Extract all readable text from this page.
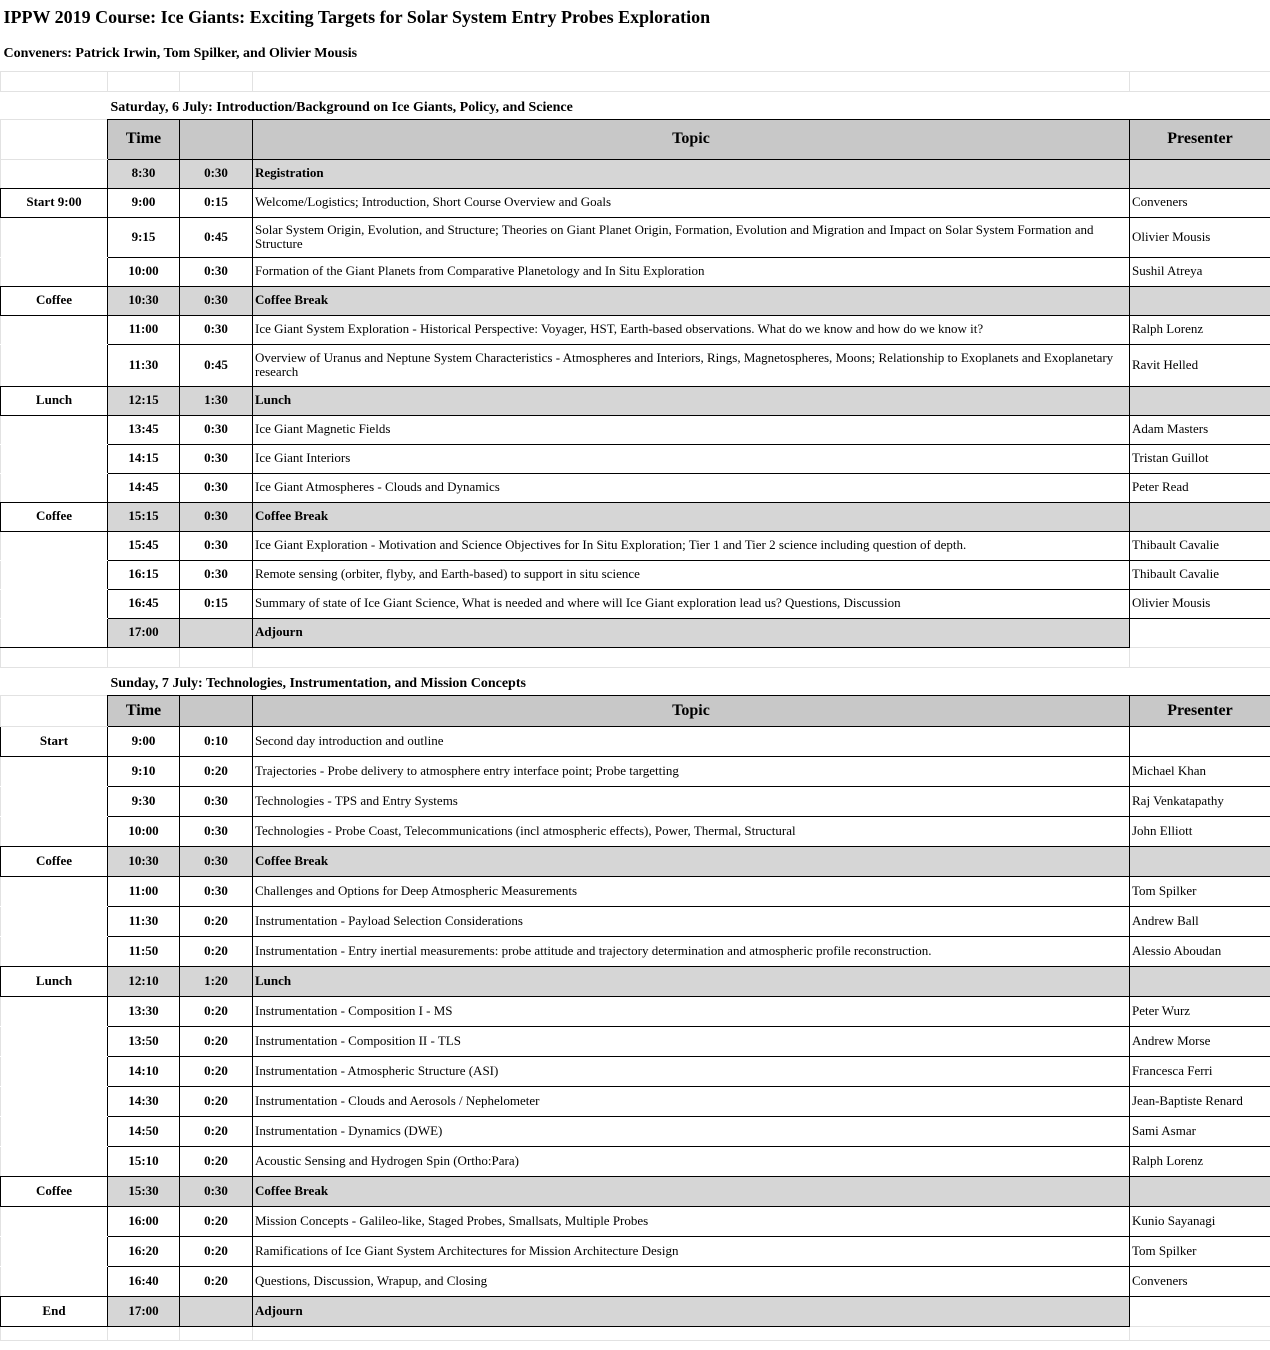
IPPW 2019 Course: Ice Giants: Exciting Targets for Solar System Entry Probes Exploration				
Conveners: Patrick Irwin, Tom Spilker, and Olivier Mousis				

Saturday, 6 July: Introduction/Background on Ice Giants, Policy, and Science				
	Time		Topic	Presenter
	8:30	0:30	Registration	
Start 9:00	9:00	0:15	Welcome/Logistics; Introduction, Short Course Overview and Goals	Conveners
	9:15	0:45	Solar System Origin, Evolution, and Structure; Theories on Giant Planet Origin, Formation, Evolution and Migration and Impact on Solar System Formation and Structure	Olivier Mousis
	10:00	0:30	Formation of the Giant Planets from Comparative Planetology and In Situ Exploration	Sushil Atreya
Coffee	10:30	0:30	Coffee Break	
	11:00	0:30	Ice Giant System Exploration - Historical Perspective: Voyager, HST, Earth-based observations. What do we know and how do we know it?	Ralph Lorenz
	11:30	0:45	Overview of Uranus and Neptune System Characteristics - Atmospheres and Interiors, Rings, Magnetospheres, Moons; Relationship to Exoplanets and Exoplanetary research	Ravit Helled
Lunch	12:15	1:30	Lunch	
	13:45	0:30	Ice Giant Magnetic Fields	Adam Masters
	14:15	0:30	Ice Giant Interiors	Tristan Guillot
	14:45	0:30	Ice Giant Atmospheres - Clouds and Dynamics	Peter Read
Coffee	15:15	0:30	Coffee Break	
	15:45	0:30	Ice Giant Exploration - Motivation and Science Objectives for In Situ Exploration; Tier 1 and Tier 2 science including question of depth.	Thibault Cavalie
	16:15	0:30	Remote sensing (orbiter, flyby, and Earth-based) to support in situ science	Thibault Cavalie
	16:45	0:15	Summary of state of Ice Giant Science, What is needed and where will Ice Giant exploration lead us? Questions, Discussion	Olivier Mousis
	17:00		Adjourn	

Sunday, 7 July: Technologies, Instrumentation, and Mission Concepts				
	Time		Topic	Presenter
Start	9:00	0:10	Second day introduction and outline	
	9:10	0:20	Trajectories - Probe delivery to atmosphere entry interface point; Probe targetting	Michael Khan
	9:30	0:30	Technologies - TPS and Entry Systems	Raj Venkatapathy
	10:00	0:30	Technologies - Probe Coast, Telecommunications (incl atmospheric effects), Power, Thermal, Structural	John Elliott
Coffee	10:30	0:30	Coffee Break	
	11:00	0:30	Challenges and Options for Deep Atmospheric Measurements	Tom Spilker
	11:30	0:20	Instrumentation - Payload Selection Considerations	Andrew Ball
	11:50	0:20	Instrumentation - Entry inertial measurements: probe attitude and trajectory determination and atmospheric profile reconstruction.	Alessio Aboudan
Lunch	12:10	1:20	Lunch	
	13:30	0:20	Instrumentation - Composition I - MS	Peter Wurz
	13:50	0:20	Instrumentation - Composition II - TLS	Andrew Morse
	14:10	0:20	Instrumentation - Atmospheric Structure (ASI)	Francesca Ferri
	14:30	0:20	Instrumentation - Clouds and Aerosols / Nephelometer	Jean-Baptiste Renard
	14:50	0:20	Instrumentation - Dynamics (DWE)	Sami Asmar
	15:10	0:20	Acoustic Sensing and Hydrogen Spin (Ortho:Para)	Ralph Lorenz
Coffee	15:30	0:30	Coffee Break	
	16:00	0:20	Mission Concepts - Galileo-like, Staged Probes, Smallsats, Multiple Probes	Kunio Sayanagi
	16:20	0:20	Ramifications of Ice Giant System Architectures for Mission Architecture Design	Tom Spilker
	16:40	0:20	Questions, Discussion, Wrapup, and Closing	Conveners
End	17:00		Adjourn	
